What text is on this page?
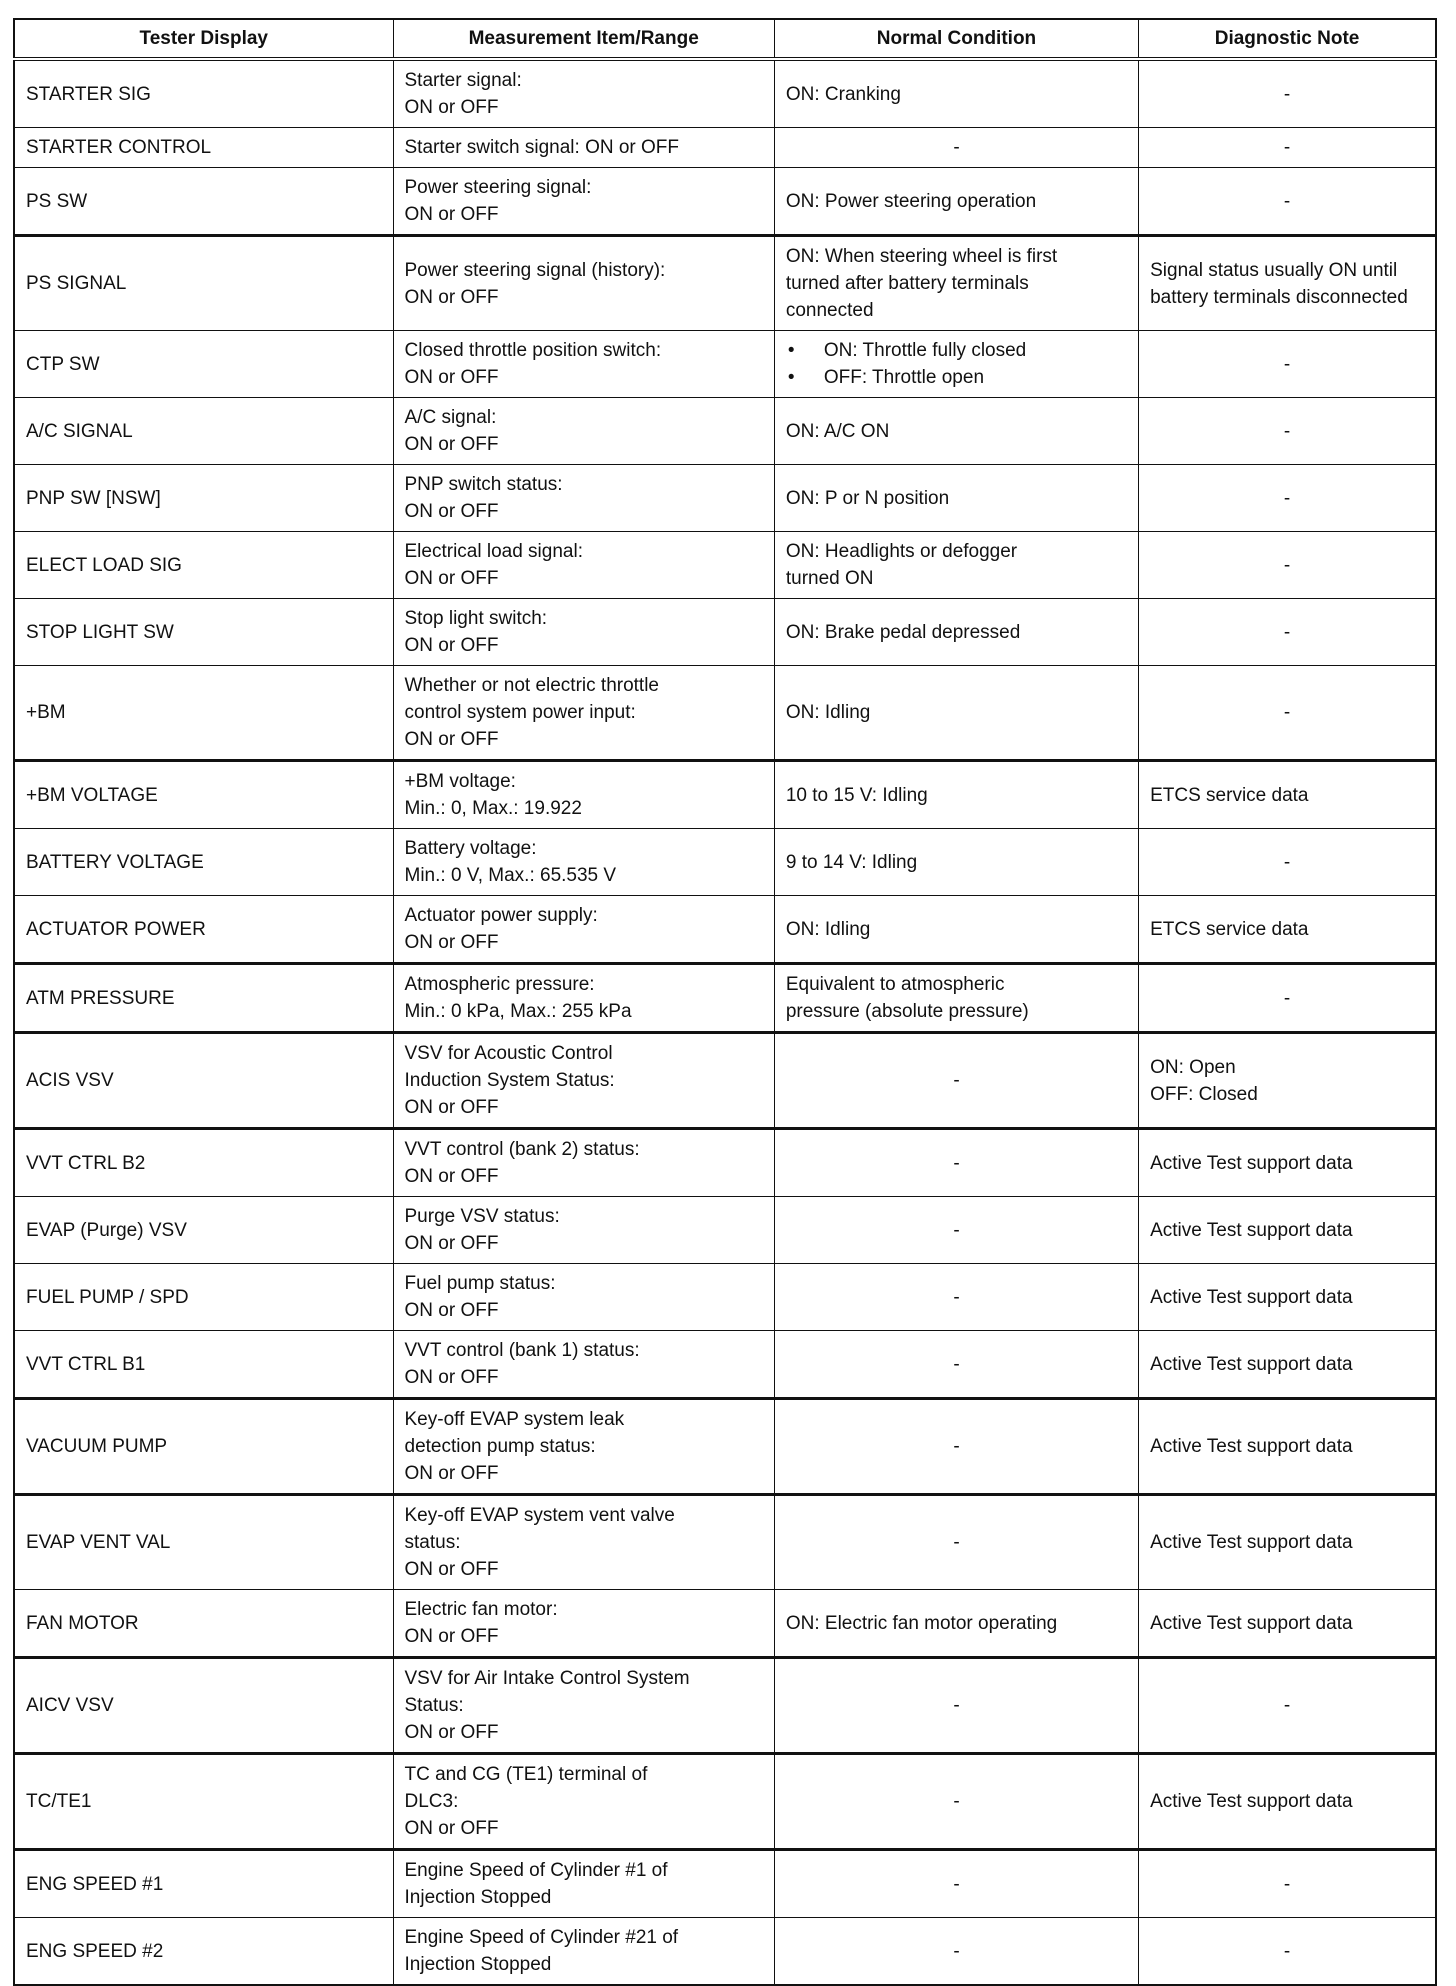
Tester Display	Measurement Item/Range	Normal Condition	Diagnostic Note
STARTER SIG	Starter signal:
ON or OFF	ON: Cranking	-

STARTER CONTROL	Starter switch signal: ON or OFF	-	-

PS SW	Power steering signal:
ON or OFF	ON: Power steering operation	-

PS SIGNAL	Power steering signal (history):
ON or OFF	ON: When steering wheel is first
turned after battery terminals
connected	Signal status usually ON until
battery terminals disconnected

CTP SW	Closed throttle position switch:
ON or OFF	• ON: Throttle fully closed
• OFF: Throttle open	-

A/C SIGNAL	A/C signal:
ON or OFF	ON: A/C ON	-

PNP SW [NSW]	PNP switch status:
ON or OFF	ON: P or N position	-

ELECT LOAD SIG	Electrical load signal:
ON or OFF	ON: Headlights or defogger
turned ON	-

STOP LIGHT SW	Stop light switch:
ON or OFF	ON: Brake pedal depressed	-

+BM	Whether or not electric throttle
control system power input:
ON or OFF	ON: Idling	-

+BM VOLTAGE	+BM voltage:
Min.: 0, Max.: 19.922	10 to 15 V: Idling	ETCS service data

BATTERY VOLTAGE	Battery voltage:
Min.: 0 V, Max.: 65.535 V	9 to 14 V: Idling	-

ACTUATOR POWER	Actuator power supply:
ON or OFF	ON: Idling	ETCS service data

ATM PRESSURE	Atmospheric pressure:
Min.: 0 kPa, Max.: 255 kPa	Equivalent to atmospheric
pressure (absolute pressure)	-

ACIS VSV	VSV for Acoustic Control
Induction System Status:
ON or OFF	-	ON: Open
OFF: Closed

VVT CTRL B2	VVT control (bank 2) status:
ON or OFF	-	Active Test support data

EVAP (Purge) VSV	Purge VSV status:
ON or OFF	-	Active Test support data

FUEL PUMP / SPD	Fuel pump status:
ON or OFF	-	Active Test support data

VVT CTRL B1	VVT control (bank 1) status:
ON or OFF	-	Active Test support data

VACUUM PUMP	Key-off EVAP system leak
detection pump status:
ON or OFF	-	Active Test support data

EVAP VENT VAL	Key-off EVAP system vent valve
status:
ON or OFF	-	Active Test support data

FAN MOTOR	Electric fan motor:
ON or OFF	ON: Electric fan motor operating	Active Test support data

AICV VSV	VSV for Air Intake Control System
Status:
ON or OFF	-	-

TC/TE1	TC and CG (TE1) terminal of
DLC3:
ON or OFF	-	Active Test support data

ENG SPEED #1	Engine Speed of Cylinder #1 of
Injection Stopped	-	-

ENG SPEED #2	Engine Speed of Cylinder #21 of
Injection Stopped	-	-
